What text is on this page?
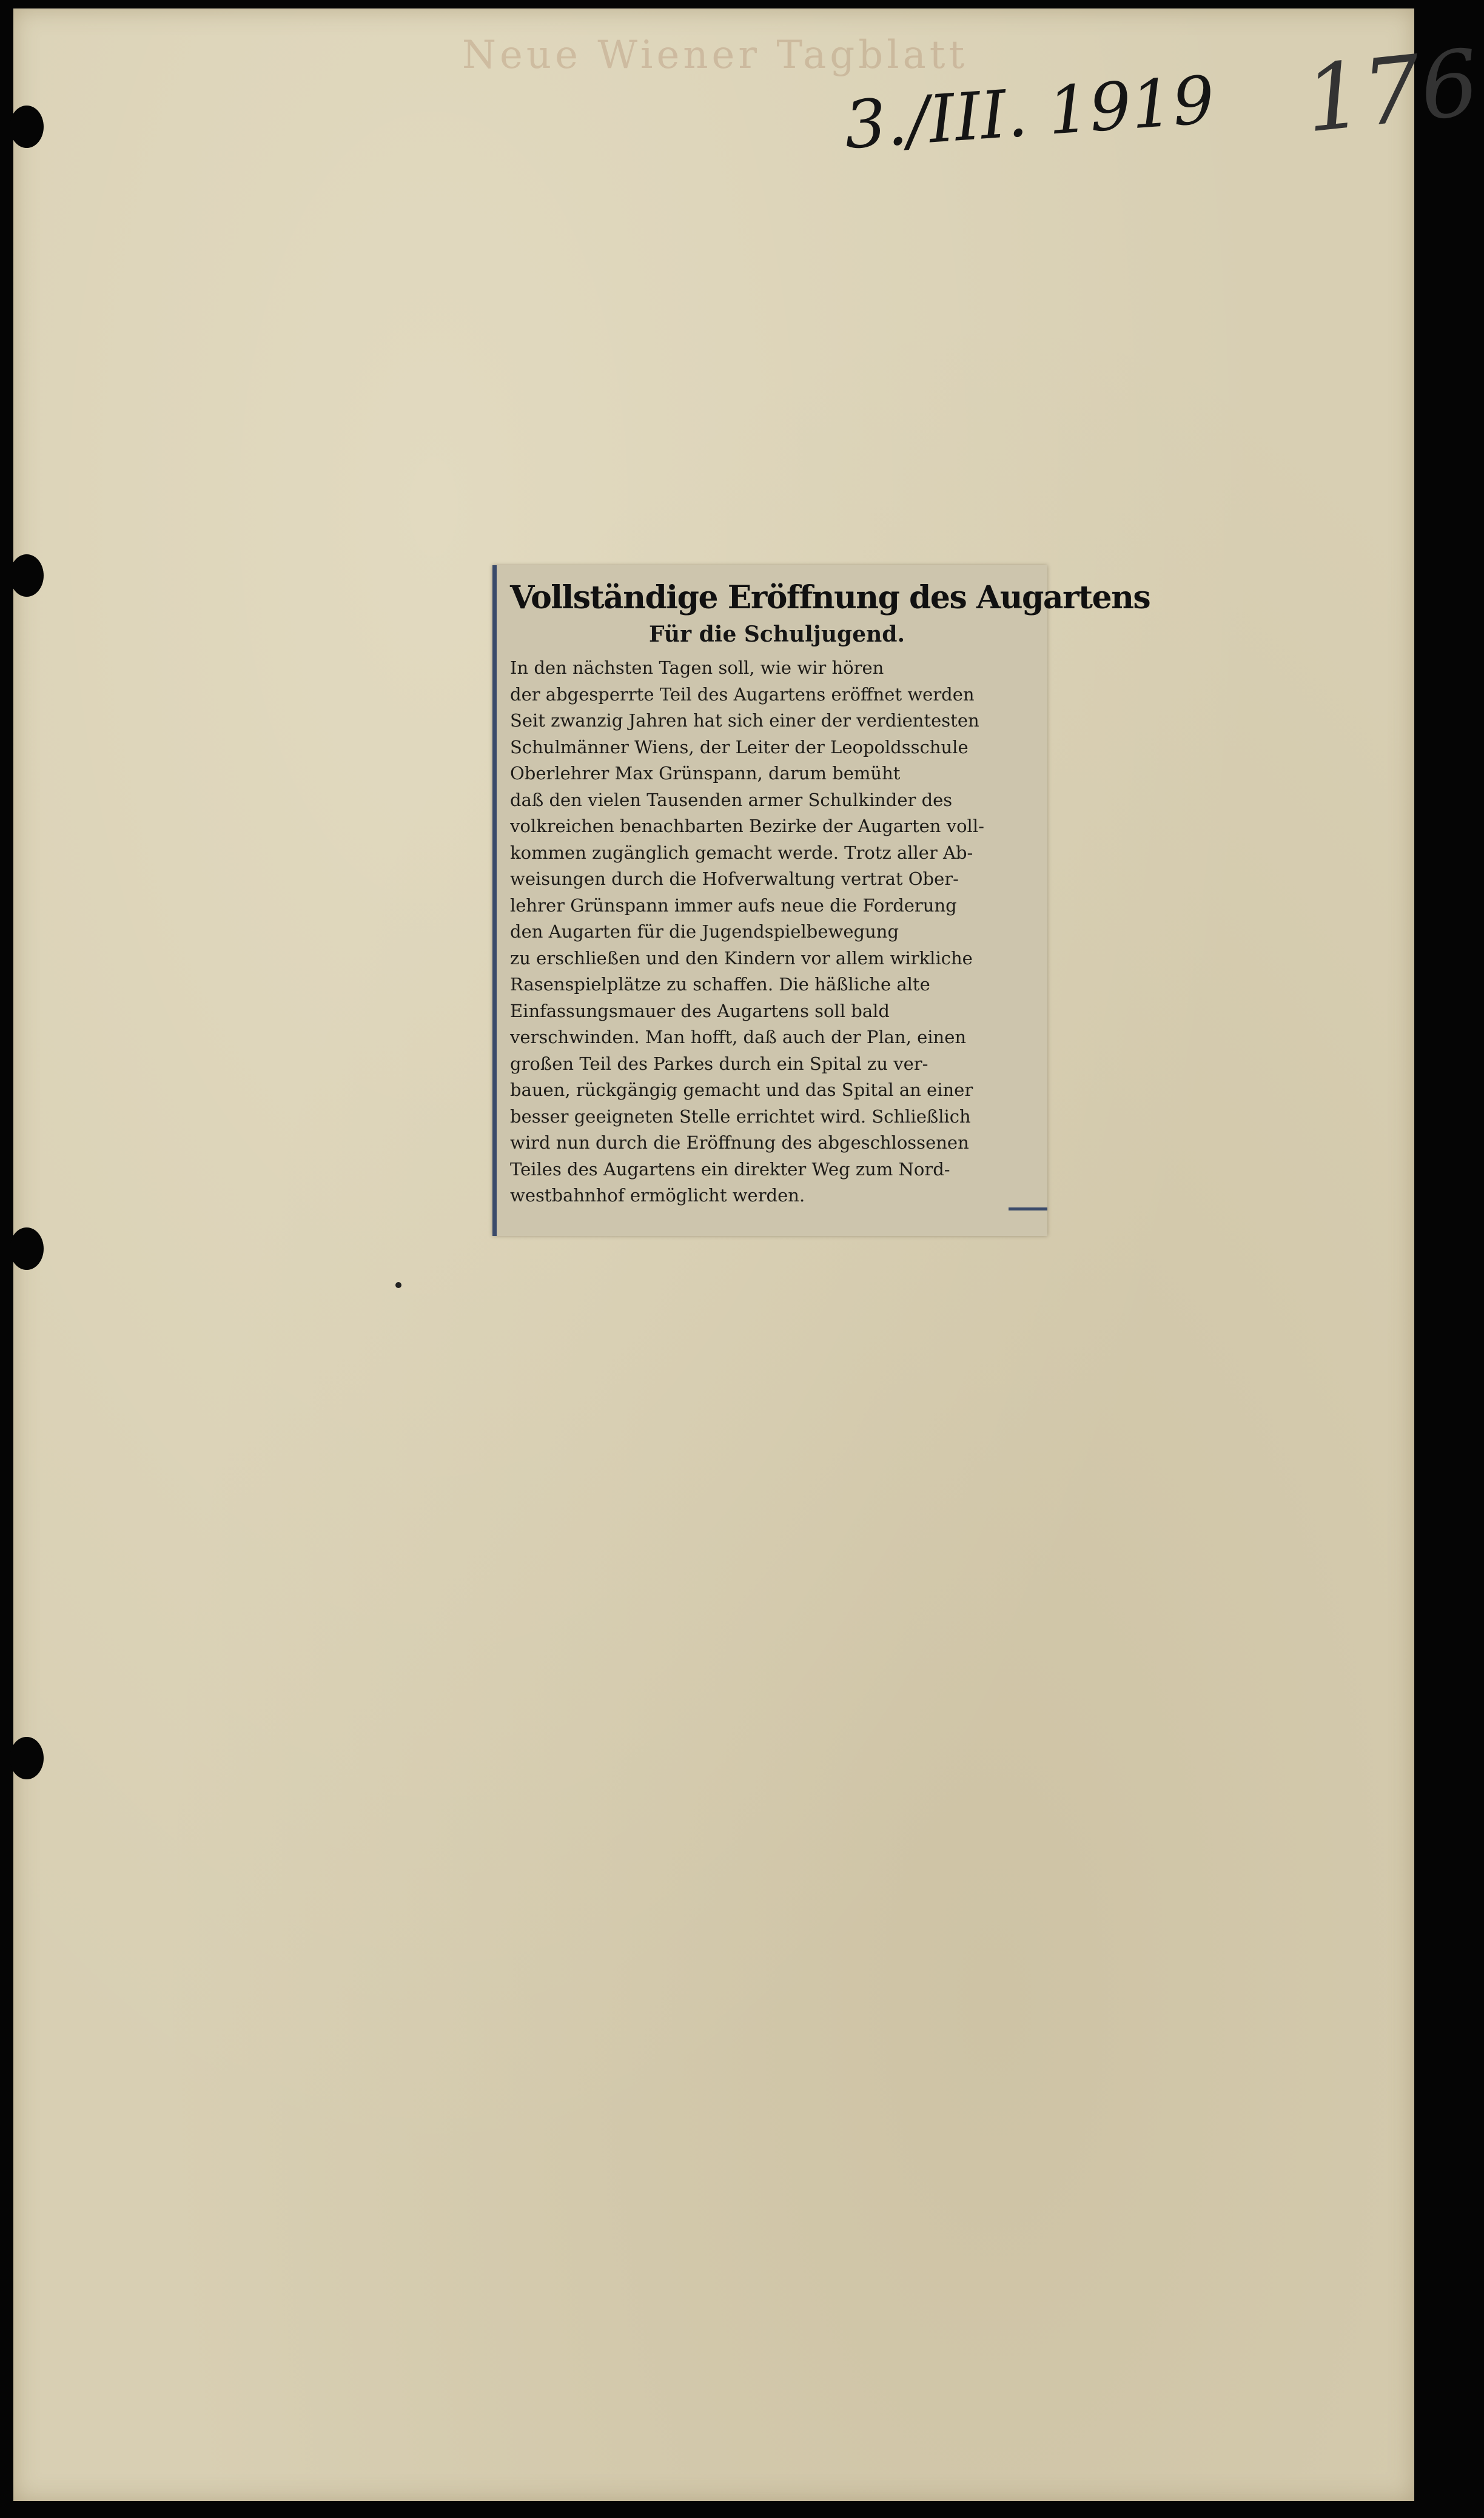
Neue Wiener Tagblatt
3./III. 1919 176
Vollständige Eröffnung des Augartens
Für die Schuljugend.
In den nächsten Tagen soll, wie wir hören
der abgesperrte Teil des Augartens eröffnet werden
Seit zwanzig Jahren hat sich einer der verdientesten
Schulmänner Wiens, der Leiter der Leopoldsschule
Oberlehrer Max Grünspann, darum bemüht
daß den vielen Tausenden armer Schulkinder des
volkreichen benachbarten Bezirke der Augarten voll-
kommen zugänglich gemacht werde. Trotz aller Ab-
weisungen durch die Hofverwaltung vertrat Ober-
lehrer Grünspann immer aufs neue die Forderung
den Augarten für die Jugendspielbewegung
zu erschließen und den Kindern vor allem wirkliche
Rasenspielplätze zu schaffen. Die häßliche alte
Einfassungsmauer des Augartens soll bald
verschwinden. Man hofft, daß auch der Plan, einen
großen Teil des Parkes durch ein Spital zu ver-
bauen, rückgängig gemacht und das Spital an einer
besser geeigneten Stelle errichtet wird. Schließlich
wird nun durch die Eröffnung des abgeschlossenen
Teiles des Augartens ein direkter Weg zum Nord-
westbahnhof ermöglicht werden.
